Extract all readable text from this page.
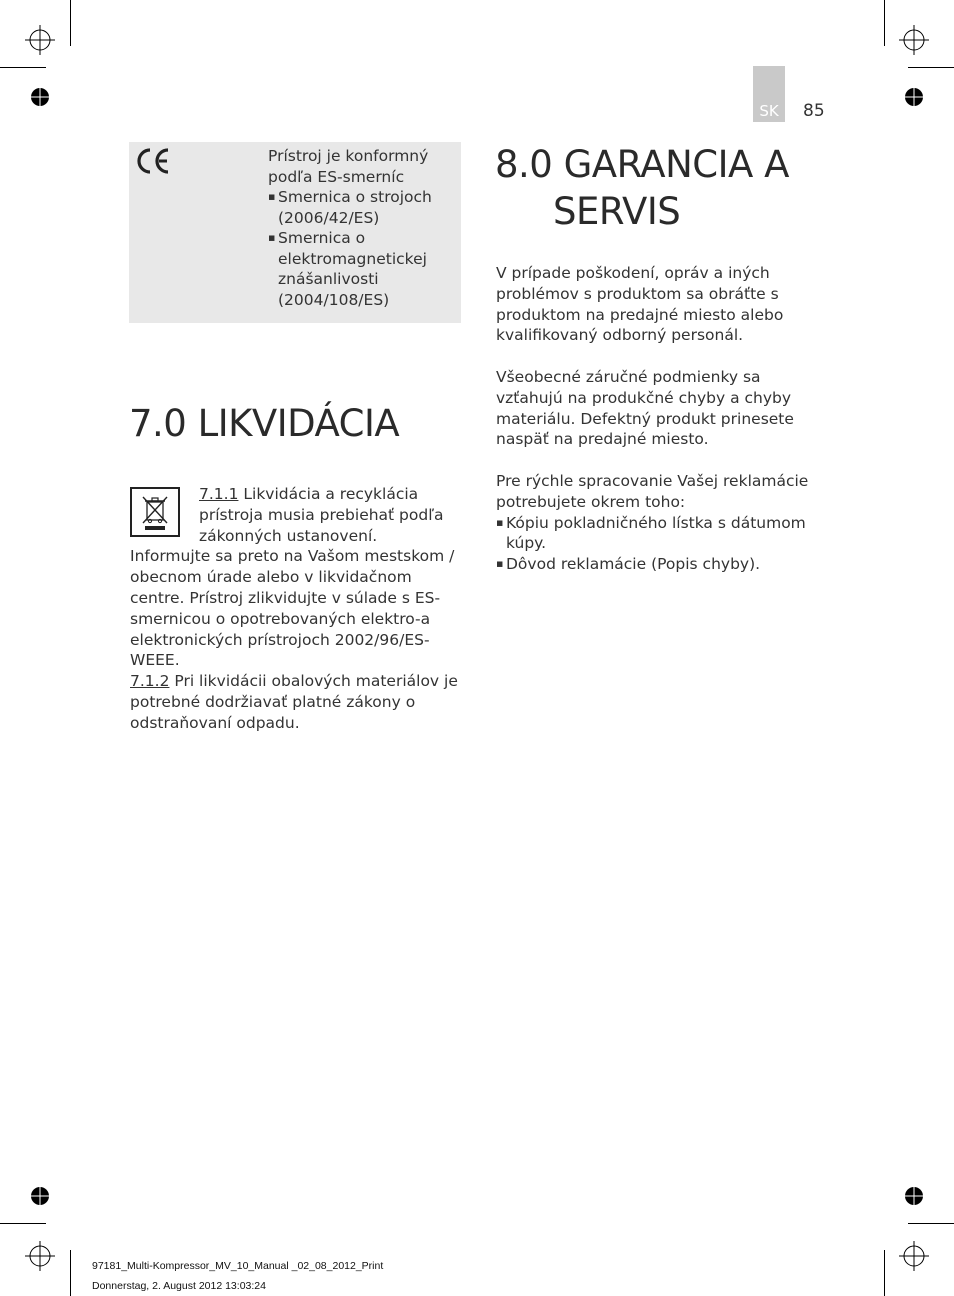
SK	85
Prístroj je konformný podľa ES-smerníc
▪ Smernica o strojoch (2006/42/ES)
▪ Smernica o elektromagnetickej znášanlivosti (2004/108/ES)
7.0 LIKVIDÁCIA

7.1.1 Likvidácia a recyklácia prístroja musia prebiehať podľa zákonných ustanovení. Informujte sa preto na Vašom mestskom / obecnom úrade alebo v likvidačnom centre. Prístroj zlikvidujte v súlade s ES-smernicou o opotrebovaných elektro-a elektronických prístrojoch 2002/96/ES-WEEE.

7.1.2 Pri likvidácii obalových materiálov je potrebné dodržiavať platné zákony o odstraňovaní odpadu.

8.0 GARANCIA A
SERVIS

V prípade poškodení, opráv a iných problémov s produktom sa obráťte s produktom na predajné miesto alebo kvalifikovaný odborný personál.

Všeobecné záručné podmienky sa vzťahujú na produkčné chyby a chyby materiálu. Defektný produkt prinesete naspäť na predajné miesto.

Pre rýchle spracovanie Vašej reklamácie potrebujete okrem toho:

▪ Kópiu pokladničného lístka s dátumom kúpy.
▪ Dôvod reklamácie (Popis chyby).
97181_Multi-Kompressor_MV_10_Manual _02_08_2012_Print
Donnerstag, 2. August 2012 13:03:24
